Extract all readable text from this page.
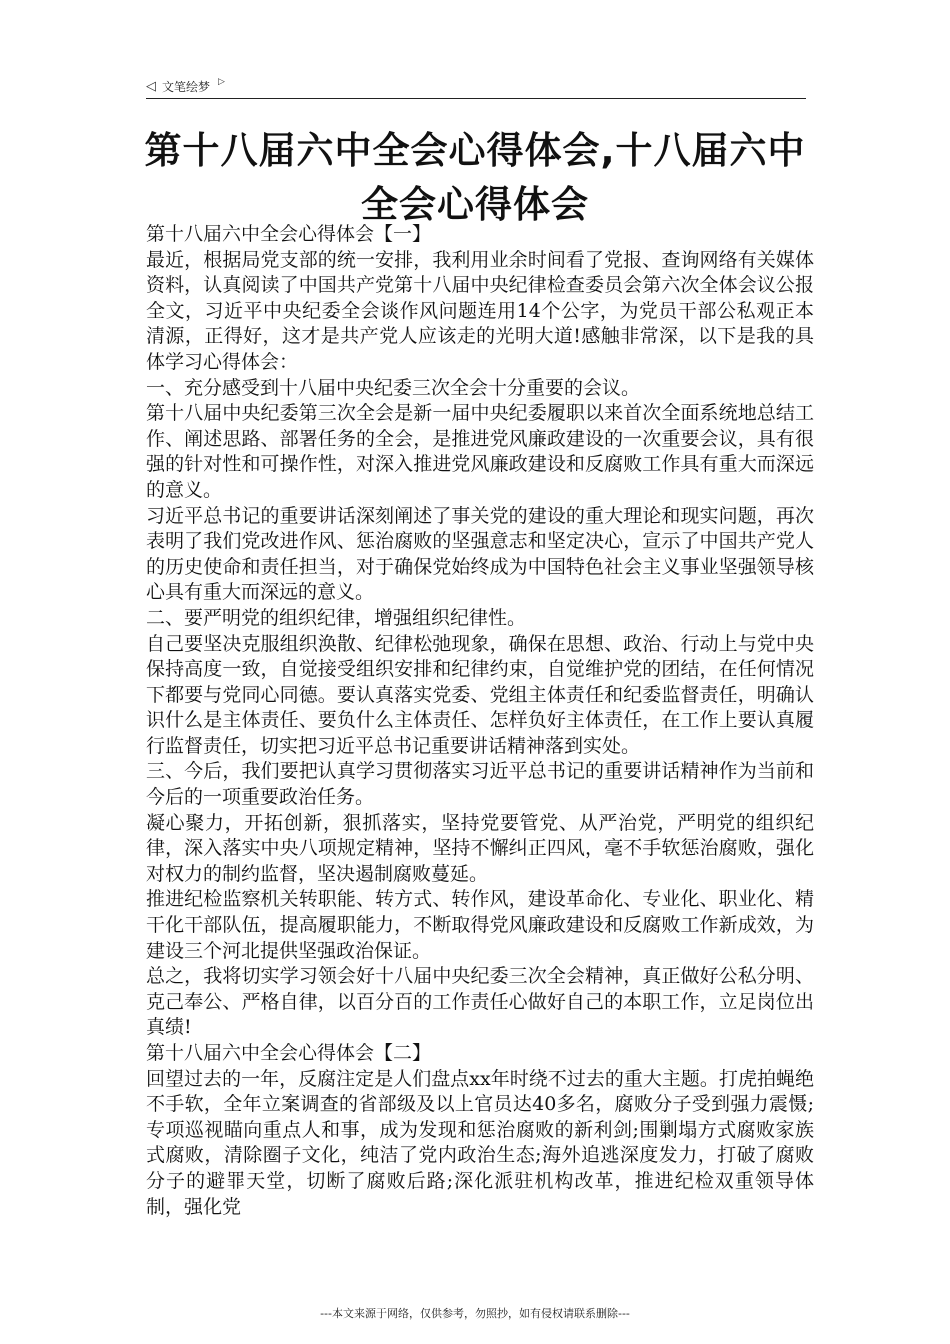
◁ 文笔绘梦 ▷
第十八届六中全会心得体会,十八届六中全会心得体会

第十八届六中全会心得体会【一】

最近，根据局党支部的统一安排，我利用业余时间看了党报、查询网络有关媒体资料，认真阅读了中国共产党第十八届中央纪律检查委员会第六次全体会议公报全文，习近平中央纪委全会谈作风问题连用14个公字，为党员干部公私观正本清源，正得好，这才是共产党人应该走的光明大道!感触非常深，以下是我的具体学习心得体会：

一、充分感受到十八届中央纪委三次全会十分重要的会议。

第十八届中央纪委第三次全会是新一届中央纪委履职以来首次全面系统地总结工作、阐述思路、部署任务的全会，是推进党风廉政建设的一次重要会议，具有很强的针对性和可操作性，对深入推进党风廉政建设和反腐败工作具有重大而深远的意义。

习近平总书记的重要讲话深刻阐述了事关党的建设的重大理论和现实问题，再次表明了我们党改进作风、惩治腐败的坚强意志和坚定决心，宣示了中国共产党人的历史使命和责任担当，对于确保党始终成为中国特色社会主义事业坚强领导核心具有重大而深远的意义。

二、要严明党的组织纪律，增强组织纪律性。

自己要坚决克服组织涣散、纪律松弛现象，确保在思想、政治、行动上与党中央保持高度一致，自觉接受组织安排和纪律约束，自觉维护党的团结，在任何情况下都要与党同心同德。要认真落实党委、党组主体责任和纪委监督责任，明确认识什么是主体责任、要负什么主体责任、怎样负好主体责任，在工作上要认真履行监督责任，切实把习近平总书记重要讲话精神落到实处。

三、今后，我们要把认真学习贯彻落实习近平总书记的重要讲话精神作为当前和今后的一项重要政治任务。

凝心聚力，开拓创新，狠抓落实，坚持党要管党、从严治党，严明党的组织纪律，深入落实中央八项规定精神，坚持不懈纠正四风，毫不手软惩治腐败，强化对权力的制约监督，坚决遏制腐败蔓延。

推进纪检监察机关转职能、转方式、转作风，建设革命化、专业化、职业化、精干化干部队伍，提高履职能力，不断取得党风廉政建设和反腐败工作新成效，为建设三个河北提供坚强政治保证。

总之，我将切实学习领会好十八届中央纪委三次全会精神，真正做好公私分明、克己奉公、严格自律，以百分百的工作责任心做好自己的本职工作，立足岗位出真绩!

第十八届六中全会心得体会【二】

回望过去的一年，反腐注定是人们盘点xx年时绕不过去的重大主题。打虎拍蝇绝不手软，全年立案调查的省部级及以上官员达40多名，腐败分子受到强力震慑;专项巡视瞄向重点人和事，成为发现和惩治腐败的新利剑;围剿塌方式腐败家族式腐败，清除圈子文化，纯洁了党内政治生态;海外追逃深度发力，打破了腐败分子的避罪天堂，切断了腐败后路;深化派驻机构改革，推进纪检双重领导体制，强化党

---本文来源于网络，仅供参考，勿照抄，如有侵权请联系删除---
